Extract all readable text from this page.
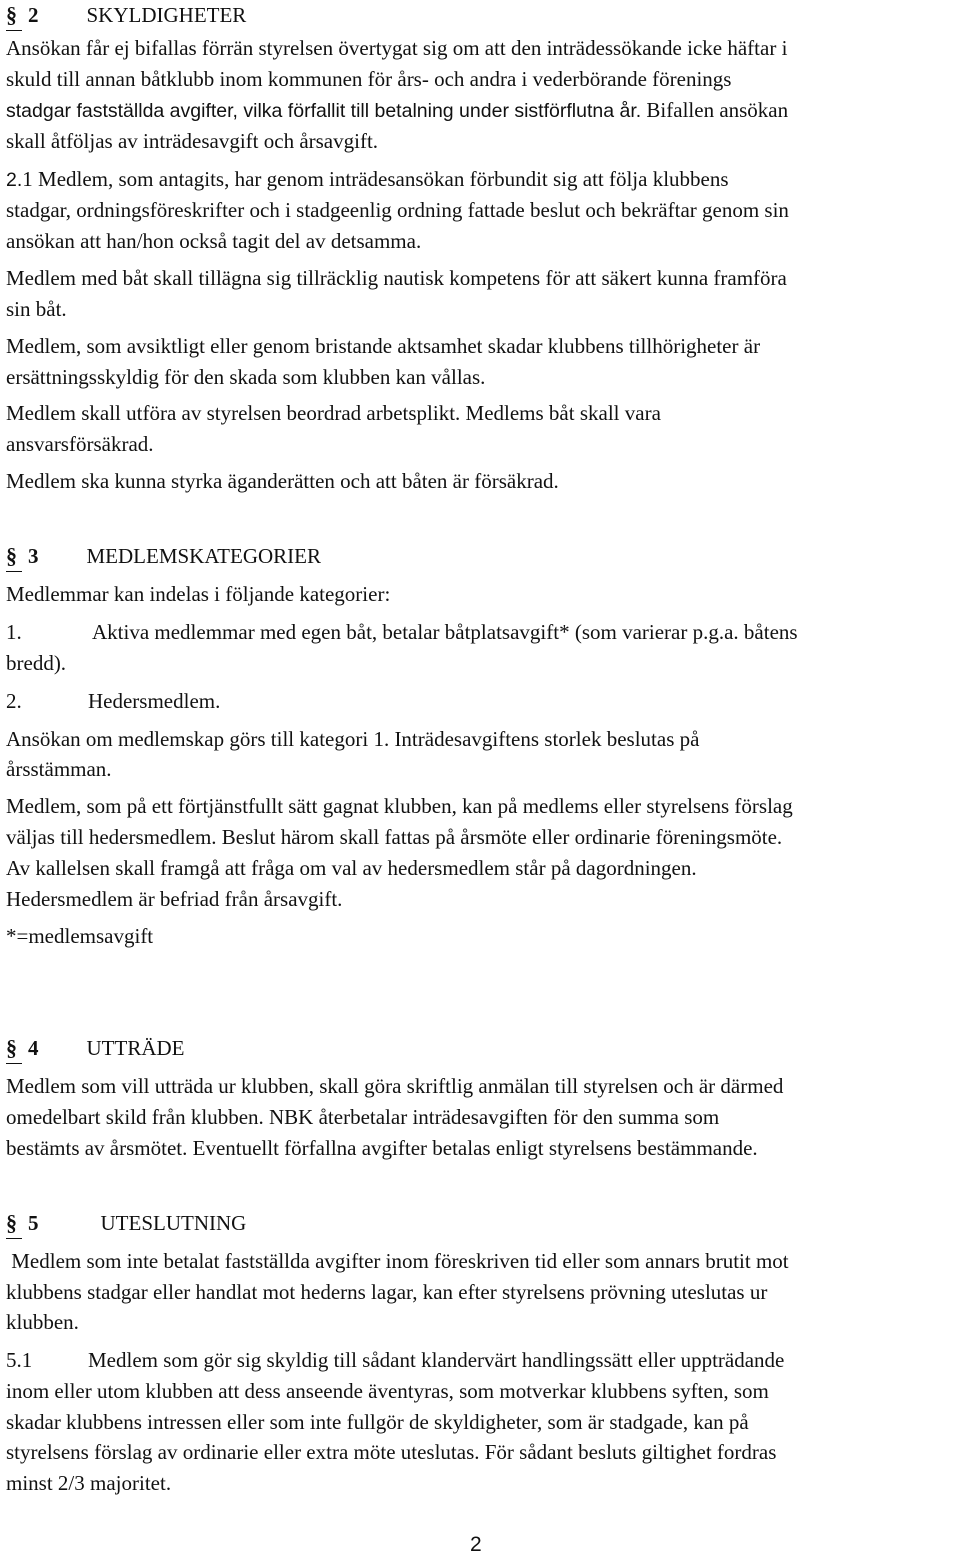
§ 2 SKYLDIGHETER
Ansökan får ej bifallas förrän styrelsen övertygat sig om att den inträdessökande icke häftar i
skuld till annan båtklubb inom kommunen för års- och andra i vederbörande förenings
stadgar fastställda avgifter, vilka förfallit till betalning under sistförflutna år. Bifallen ansökan
skall åtföljas av inträdesavgift och årsavgift.
2.1 Medlem, som antagits, har genom inträdesansökan förbundit sig att följa klubbens
stadgar, ordningsföreskrifter och i stadgeenlig ordning fattade beslut och bekräftar genom sin
ansökan att han/hon också tagit del av detsamma.
Medlem med båt skall tillägna sig tillräcklig nautisk kompetens för att säkert kunna framföra
sin båt.
Medlem, som avsiktligt eller genom bristande aktsamhet skadar klubbens tillhörigheter är
ersättningsskyldig för den skada som klubben kan vållas.
Medlem skall utföra av styrelsen beordrad arbetsplikt. Medlems båt skall vara
ansvarsförsäkrad.
Medlem ska kunna styrka äganderätten och att båten är försäkrad.
§ 3 MEDLEMSKATEGORIER
Medlemmar kan indelas i följande kategorier:
1.	Aktiva medlemmar med egen båt, betalar båtplatsavgift* (som varierar p.g.a. båtens
bredd).
2.	Hedersmedlem.
Ansökan om medlemskap görs till kategori 1. Inträdesavgiftens storlek beslutas på
årsstämman.
Medlem, som på ett förtjänstfullt sätt gagnat klubben, kan på medlems eller styrelsens förslag
väljas till hedersmedlem. Beslut härom skall fattas på årsmöte eller ordinarie föreningsmöte.
Av kallelsen skall framgå att fråga om val av hedersmedlem står på dagordningen.
Hedersmedlem är befriad från årsavgift.
*=medlemsavgift
§ 4 UTTRÄDE
Medlem som vill utträda ur klubben, skall göra skriftlig anmälan till styrelsen och är därmed
omedelbart skild från klubben. NBK återbetalar inträdesavgiften för den summa som
bestämts av årsmötet. Eventuellt förfallna avgifter betalas enligt styrelsens bestämmande.
§ 5	UTESLUTNING
Medlem som inte betalat fastställda avgifter inom föreskriven tid eller som annars brutit mot
klubbens stadgar eller handlat mot hederns lagar, kan efter styrelsens prövning uteslutas ur
klubben.
5.1	Medlem som gör sig skyldig till sådant klandervärt handlingssätt eller uppträdande
inom eller utom klubben att dess anseende äventyras, som motverkar klubbens syften, som
skadar klubbens intressen eller som inte fullgör de skyldigheter, som är stadgade, kan på
styrelsens förslag av ordinarie eller extra möte uteslutas. För sådant besluts giltighet fordras
minst 2/3 majoritet.
2
